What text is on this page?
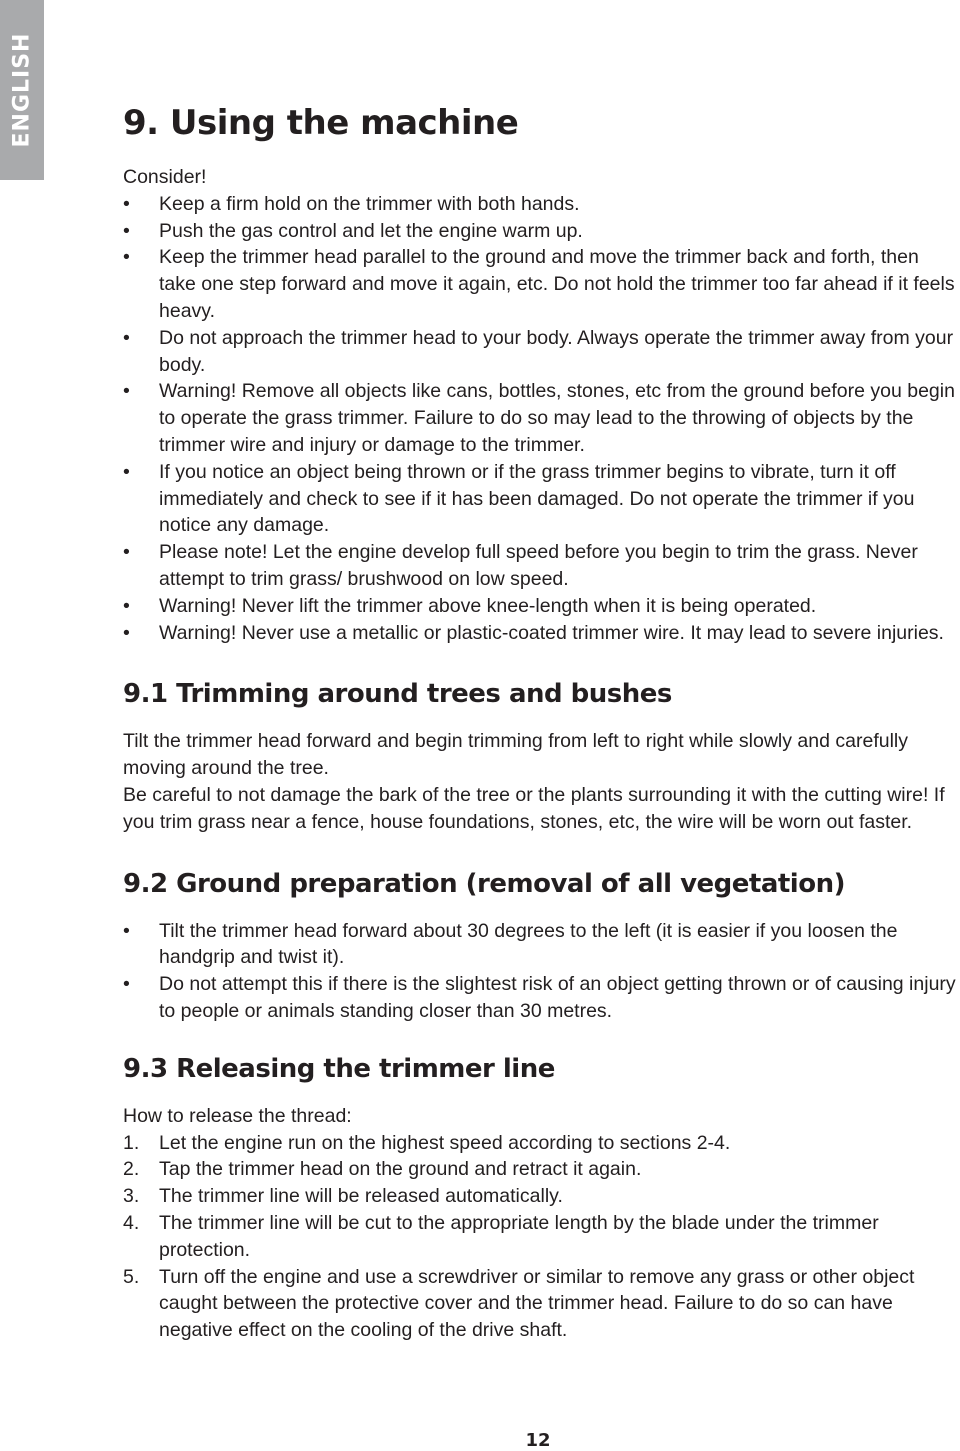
ENGLISH	9. Using the machine

Consider!

• Keep a firm hold on the trimmer with both hands.
• Push the gas control and let the engine warm up.
• Keep the trimmer head parallel to the ground and move the trimmer back and forth, then take one step forward and move it again, etc. Do not hold the trimmer too far ahead if it feels heavy.
• Do not approach the trimmer head to your body. Always operate the trimmer away from your body.
• Warning! Remove all objects like cans, bottles, stones, etc from the ground before you begin to operate the grass trimmer. Failure to do so may lead to the throwing of objects by the trimmer wire and injury or damage to the trimmer.
• If you notice an object being thrown or if the grass trimmer begins to vibrate, turn it off immediately and check to see if it has been damaged. Do not operate the trimmer if you notice any damage.
• Please note! Let the engine develop full speed before you begin to trim the grass. Never attempt to trim grass/ brushwood on low speed.
• Warning! Never lift the trimmer above knee-length when it is being operated.
• Warning! Never use a metallic or plastic-coated trimmer wire. It may lead to severe injuries.
9.1 Trimming around trees and bushes

Tilt the trimmer head forward and begin trimming from left to right while slowly and carefully moving around the tree.

Be careful to not damage the bark of the tree or the plants surrounding it with the cutting wire! If you trim grass near a fence, house foundations, stones, etc, the wire will be worn out faster.

9.2 Ground preparation (removal of all vegetation)
• Tilt the trimmer head forward about 30 degrees to the left (it is easier if you loosen the handgrip and twist it).
• Do not attempt this if there is the slightest risk of an object getting thrown or of causing injury to people or animals standing closer than 30 metres.
9.3 Releasing the trimmer line

How to release the thread:

1. Let the engine run on the highest speed according to sections 2-4.
2. Tap the trimmer head on the ground and retract it again.
3. The trimmer line will be released automatically.
4. The trimmer line will be cut to the appropriate length by the blade under the trimmer protection.
5. Turn off the engine and use a screwdriver or similar to remove any grass or other object caught between the protective cover and the trimmer head. Failure to do so can have negative effect on the cooling of the drive shaft.
12
